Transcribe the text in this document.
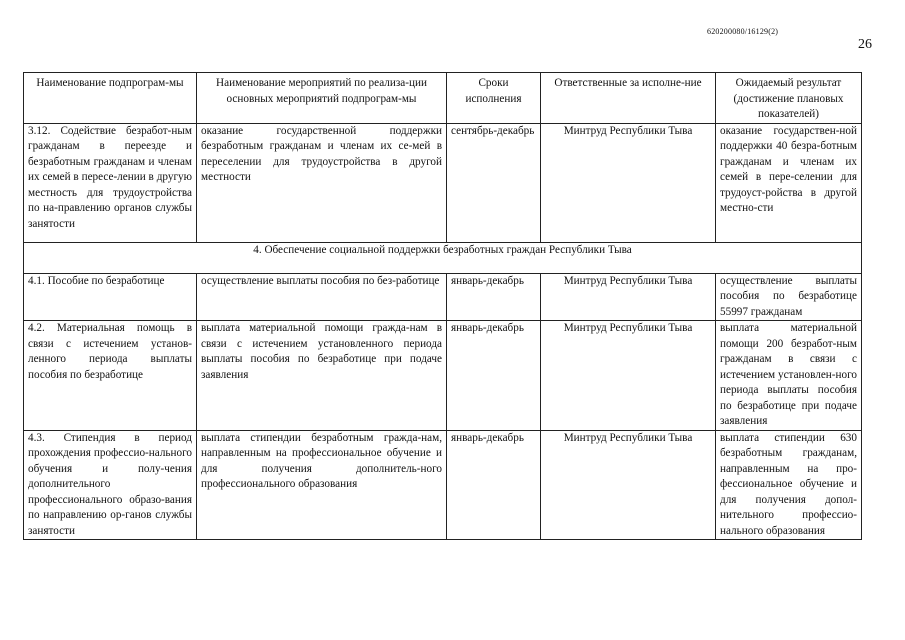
620200080/16129(2)
26
Наименование подпрограм-мы	Наименование мероприятий по реализа-ции основных мероприятий подпрограм-мы	Сроки исполнения	Ответственные за исполне-ние	Ожидаемый результат (достижение плановых показателей)
3.12. Содействие безработ-ным гражданам в переезде и безработным гражданам и членам их семей в пересе-лении в другую местность для трудоустройства по на-правлению органов службы занятости	оказание государственной поддержки безработным гражданам и членам их се-мей в переселении для трудоустройства в другой местности	сентябрь-декабрь	Минтруд Республики Тыва	оказание государствен-ной поддержки 40 безра-ботным гражданам и членам их семей в пере-селении для трудоуст-ройства в другой местно-сти
4. Обеспечение социальной поддержки безработных граждан Республики Тыва				
4.1. Пособие по безработице	осуществление выплаты пособия по без-работице	январь-декабрь	Минтруд Республики Тыва	осуществление выплаты пособия по безработице 55997 гражданам
4.2. Материальная помощь в связи с истечением установ-ленного периода выплаты пособия по безработице	выплата материальной помощи гражда-нам в связи с истечением установленного периода выплаты пособия по безработице при подаче заявления	январь-декабрь	Минтруд Республики Тыва	выплата материальной помощи 200 безработ-ным гражданам в связи с истечением установлен-ного периода выплаты пособия по безработице при подаче заявления
4.3. Стипендия в период прохождения профессио-нального обучения и полу-чения дополнительного профессионального образо-вания по направлению ор-ганов службы занятости	выплата стипендии безработным гражда-нам, направленным на профессиональное обучение и для получения дополнитель-ного профессионального образования	январь-декабрь	Минтруд Республики Тыва	выплата стипендии 630 безработным гражданам, направленным на про-фессиональное обучение и для получения допол-нительного профессио-нального образования
